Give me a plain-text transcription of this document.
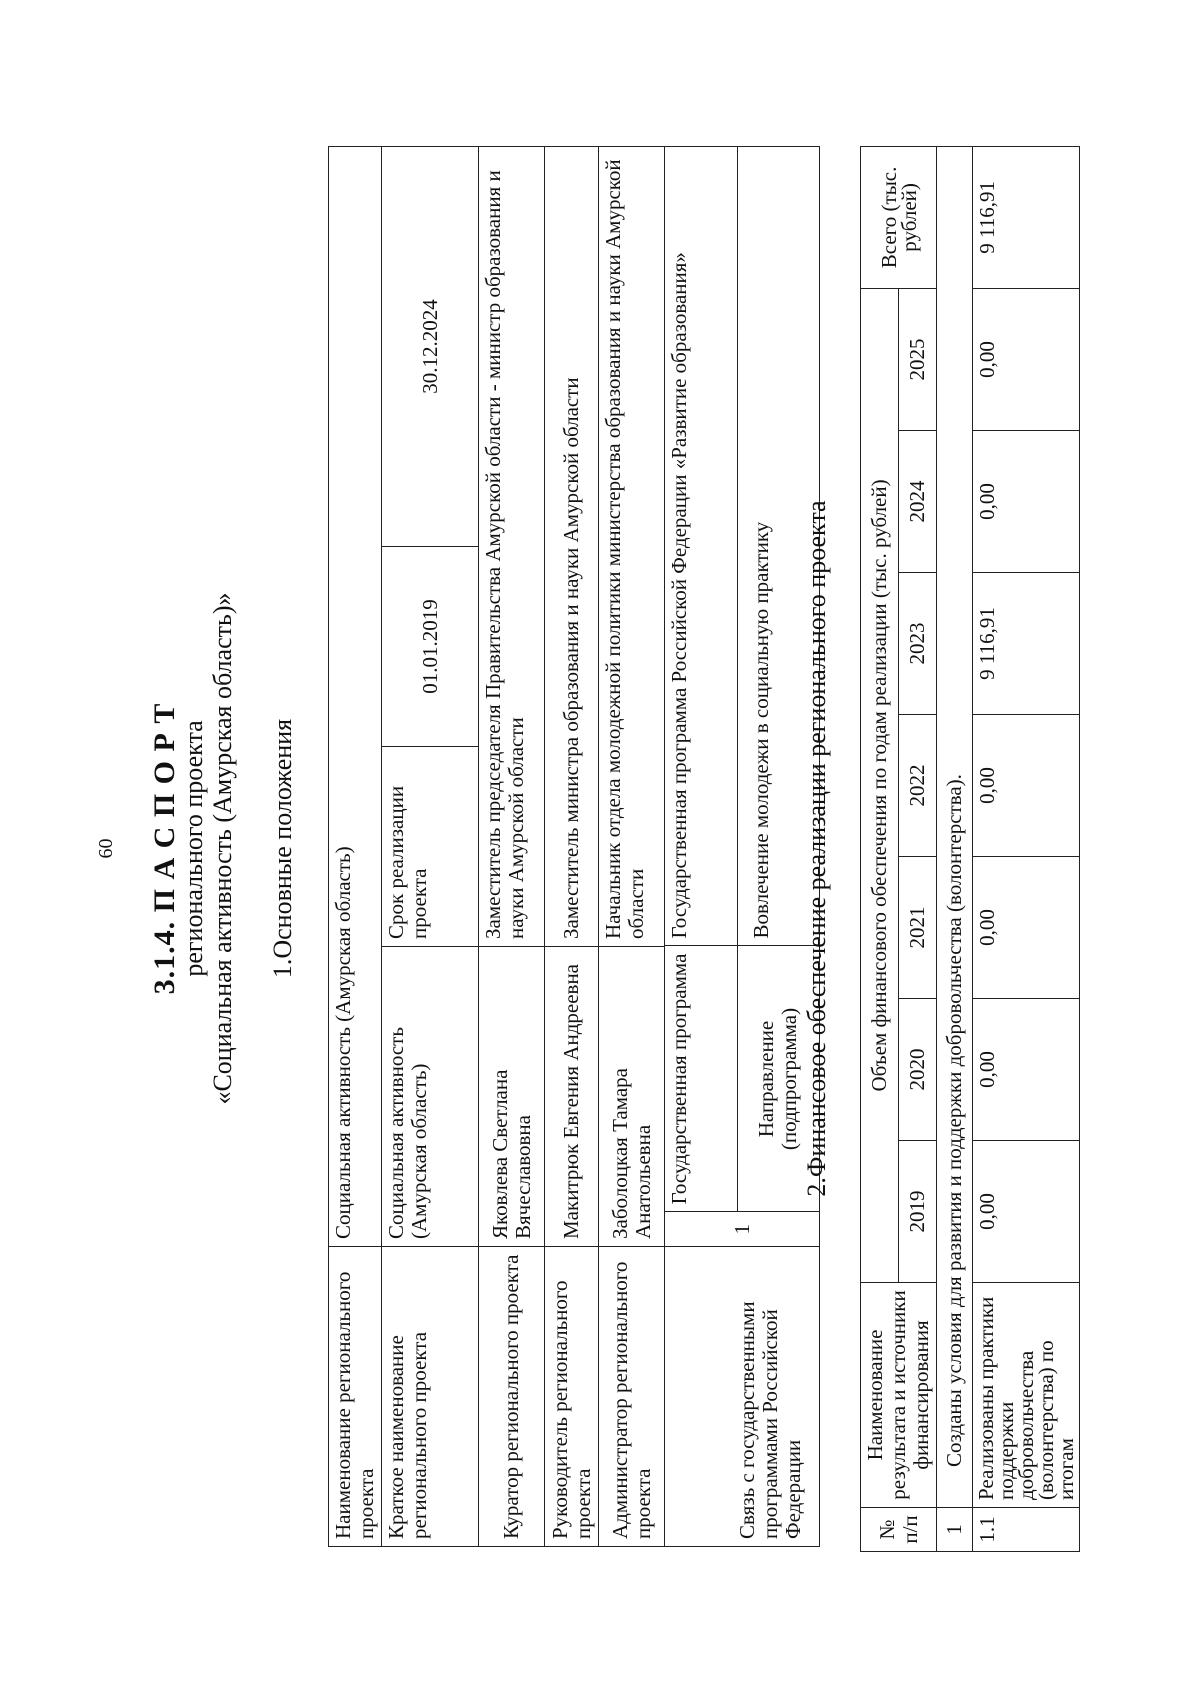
60 3.1.4. П А С П О Р Т
регионального проекта «Социальная активность (Амурская область)» 1.Основные положения
Наименование регионального проекта	Социальная активность (Амурская область)
Краткое наименование регионального проекта	Социальная активность (Амурская область)	
Срок реализации проекта	01.01.2019
	30.12.2024
Куратор регионального проекта	Яковлева Светлана Вячеславовна	Заместитель председателя Правительства Амурской области - министр образования и науки Амурской области
Руководитель регионального проекта	Макитрюк Евгения Андреевна	Заместитель министра образования и науки Амурской области
Администратор регионального проекта	Заболоцкая Тамара Анатольевна	Начальник отдела молодежной политики министерства образования и науки Амурской области
Связь с государственными программами Российской Федерации	
1	Государственная программа	Государственная программа Российской Федерации «Развитие образования»
Направление (подпрограмма)	Вовлечение молодежи в социальную практику 2.Финансовое обеспечение реализации регионального проекта
№ п/п	Наименование результата и источники финансирования	Объем финансового обеспечения по годам реализации (тыс. рублей)							Всего (тыс. рублей)
		2019	2020	2021	2022	2023	2024	2025	
1	Созданы условия для развития и поддержки добровольчества (волонтерства).								
1.1	Реализованы практики поддержки добровольчества (волонтерства) по итогам	0,00	0,00	0,00	0,00	9 116,91	0,00	0,00	9 116,91
